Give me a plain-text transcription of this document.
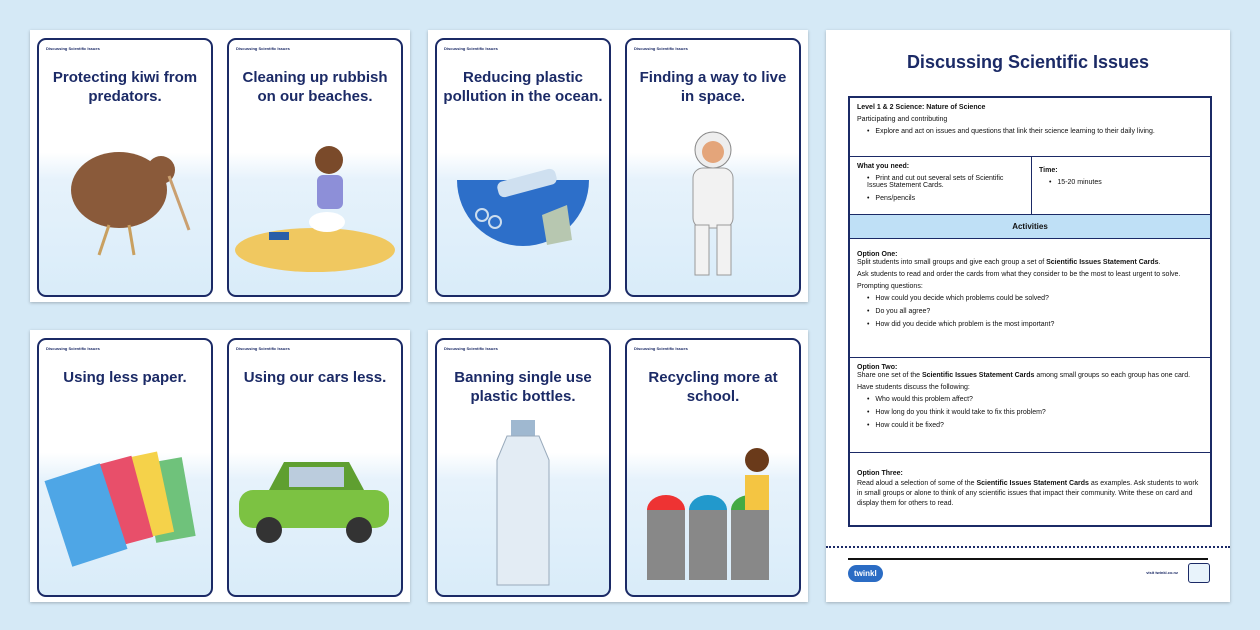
Discussing Scientific Issues

Level 1 & 2 Science: Nature of Science

Participating and contributing

• Explore and act on issues and questions that link their science learning to their daily living.

What you need:

• Print and cut out several sets of Scientific Issues Statement Cards.
• Pens/pencils

Time:

• 15-20 minutes
Activities

Option One:

Split students into small groups and give each group a set of Scientific Issues Statement Cards.

Ask students to read and order the cards from what they consider to be the most to least urgent to solve.

Prompting questions:

• How could you decide which problems could be solved?
• Do you all agree?
• How did you decide which problem is the most important?

Option Two:

Share one set of the Scientific Issues Statement Cards among small groups so each group has one card.

Have students discuss the following:

• Who would this problem affect?
• How long do you think it would take to fix this problem?
• How could it be fixed?

Option Three:

Read aloud a selection of some of the Scientific Issues Statement Cards as examples. Ask students to work in small groups or alone to think of any scientific issues that impact their community. Write these on card and display them for others to read.

twinkl	visit twinkl.co.nz
Discussing Scientific Issues
Protecting kiwi from predators.
Discussing Scientific Issues
Cleaning up rubbish on our beaches.
Discussing Scientific Issues
Reducing plastic pollution in the ocean.
Discussing Scientific Issues
Finding a way to live in space.
Discussing Scientific Issues
Using less paper.
Discussing Scientific Issues
Using our cars less.
Discussing Scientific Issues
Banning single use plastic bottles.
Discussing Scientific Issues
Recycling more at school.
